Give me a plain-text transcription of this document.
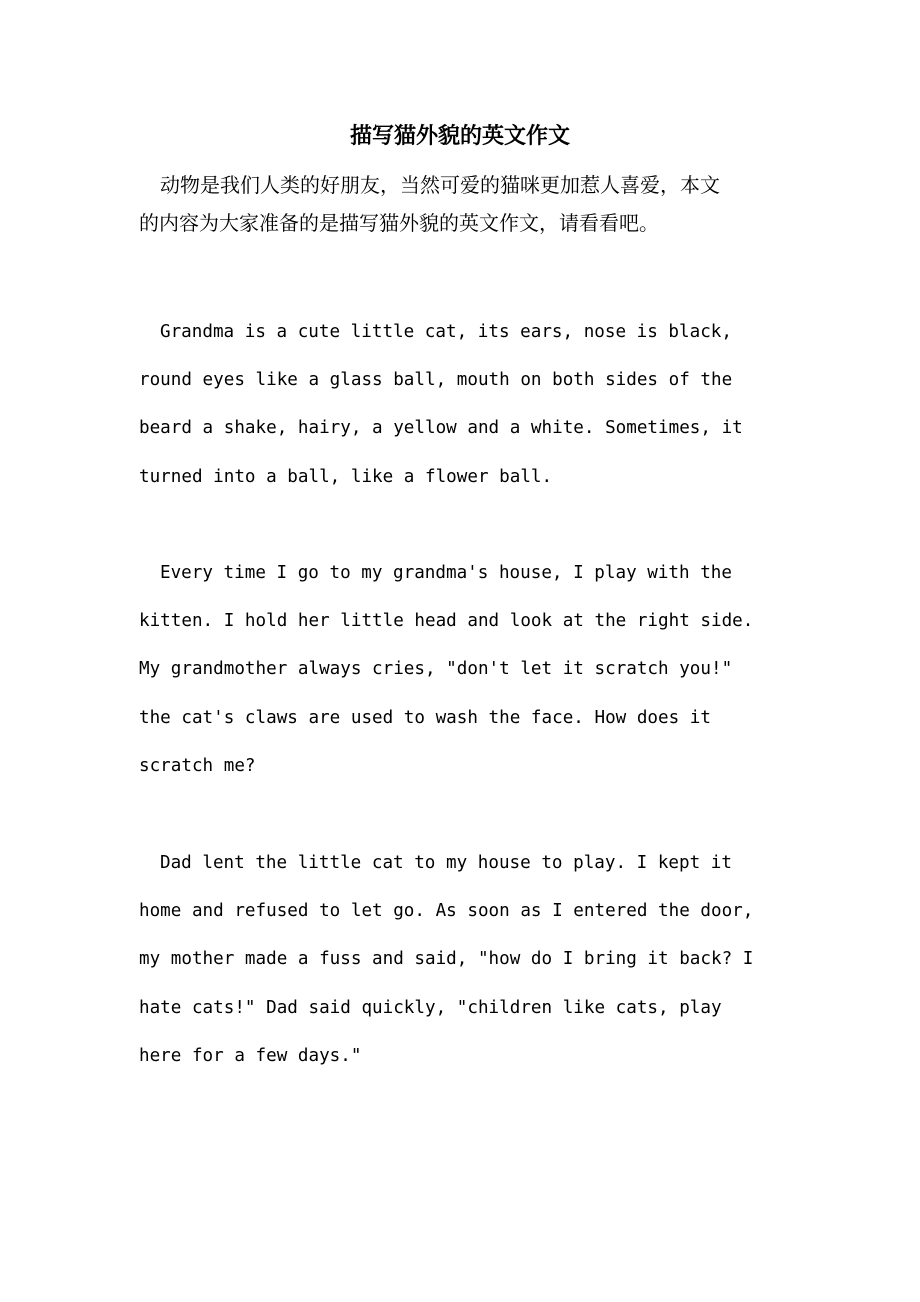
描写猫外貌的英文作文

动物是我们人类的好朋友，当然可爱的猫咪更加惹人喜爱，本文
的内容为大家准备的是描写猫外貌的英文作文，请看看吧。

Grandma is a cute little cat, its ears, nose is black,
round eyes like a glass ball, mouth on both sides of the
beard a shake, hairy, a yellow and a white. Sometimes, it
turned into a ball, like a flower ball.

Every time I go to my grandma's house, I play with the
kitten. I hold her little head and look at the right side.
My grandmother always cries, "don't let it scratch you!"
the cat's claws are used to wash the face. How does it
scratch me?

Dad lent the little cat to my house to play. I kept it
home and refused to let go. As soon as I entered the door,
my mother made a fuss and said, "how do I bring it back? I
hate cats!" Dad said quickly, "children like cats, play
here for a few days."
